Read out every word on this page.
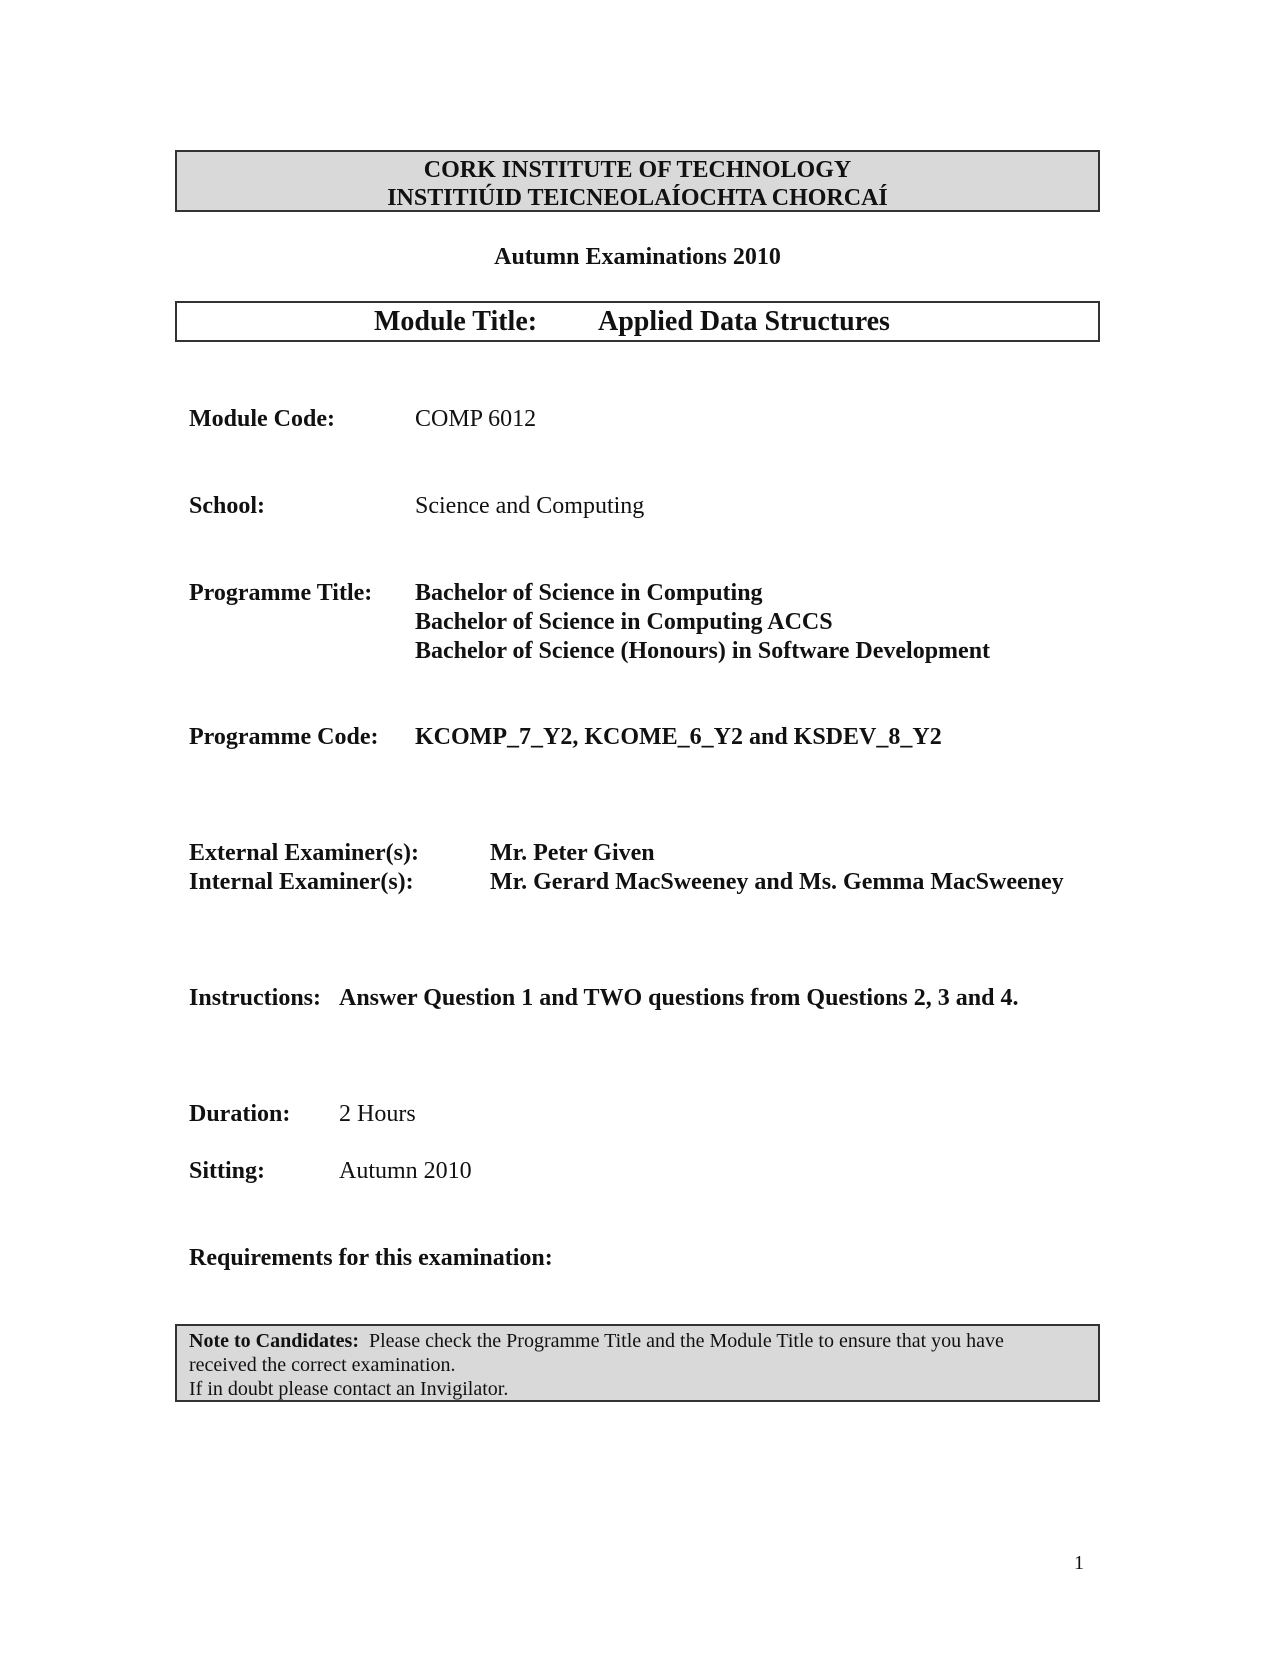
CORK INSTITUTE OF TECHNOLOGY
INSTITIÚID TEICNEOLAÍOCHTA CHORCAÍ
Autumn Examinations 2010
Module Title: Applied Data Structures
Module Code:	COMP 6012
School:	Science and Computing
Programme Title: Bachelor of Science in Computing
Bachelor of Science in Computing ACCS
Bachelor of Science (Honours) in Software Development
Programme Code: KCOMP_7_Y2, KCOME_6_Y2 and KSDEV_8_Y2
External Examiner(s):	Mr. Peter Given
Internal Examiner(s):	Mr. Gerard MacSweeney and Ms. Gemma MacSweeney
Instructions: Answer Question 1 and TWO questions from Questions 2, 3 and 4.
Duration: 2 Hours
Sitting:	Autumn 2010
Requirements for this examination:
Note to Candidates: Please check the Programme Title and the Module Title to ensure that you have
received the correct examination.
If in doubt please contact an Invigilator.
1
